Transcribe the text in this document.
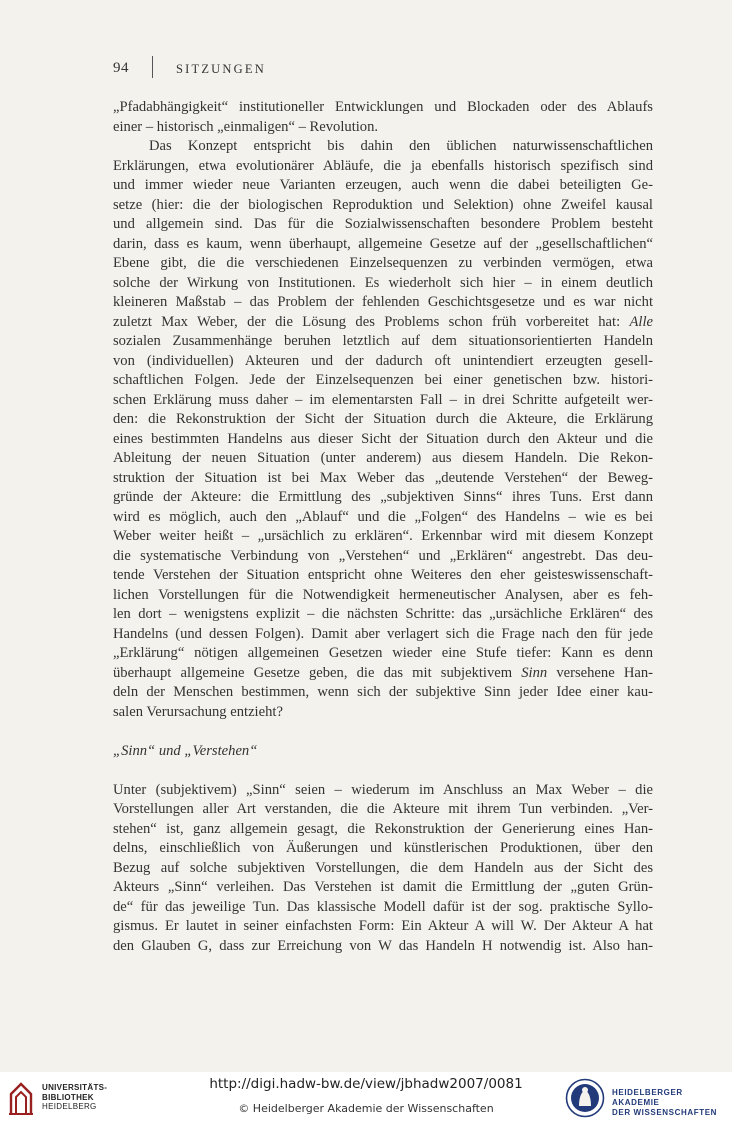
94	SITZUNGEN
„Pfadabhängigkeit“ institutioneller Entwicklungen und Blockaden oder des Ablaufs
einer – historisch „einmaligen“ – Revolution.
Das Konzept entspricht bis dahin den üblichen naturwissenschaftlichen
Erklärungen, etwa evolutionärer Abläufe, die ja ebenfalls historisch spezifisch sind
und immer wieder neue Varianten erzeugen, auch wenn die dabei beteiligten Ge-
setze (hier: die der biologischen Reproduktion und Selektion) ohne Zweifel kausal
und allgemein sind. Das für die Sozialwissenschaften besondere Problem besteht
darin, dass es kaum, wenn überhaupt, allgemeine Gesetze auf der „gesellschaftlichen“
Ebene gibt, die die verschiedenen Einzelsequenzen zu verbinden vermögen, etwa
solche der Wirkung von Institutionen. Es wiederholt sich hier – in einem deutlich
kleineren Maßstab – das Problem der fehlenden Geschichtsgesetze und es war nicht
zuletzt Max Weber, der die Lösung des Problems schon früh vorbereitet hat: Alle
sozialen Zusammenhänge beruhen letztlich auf dem situationsorientierten Handeln
von (individuellen) Akteuren und der dadurch oft unintendiert erzeugten gesell-
schaftlichen Folgen. Jede der Einzelsequenzen bei einer genetischen bzw. histori-
schen Erklärung muss daher – im elementarsten Fall – in drei Schritte aufgeteilt wer-
den: die Rekonstruktion der Sicht der Situation durch die Akteure, die Erklärung
eines bestimmten Handelns aus dieser Sicht der Situation durch den Akteur und die
Ableitung der neuen Situation (unter anderem) aus diesem Handeln. Die Rekon-
struktion der Situation ist bei Max Weber das „deutende Verstehen“ der Beweg-
gründe der Akteure: die Ermittlung des „subjektiven Sinns“ ihres Tuns. Erst dann
wird es möglich, auch den „Ablauf“ und die „Folgen“ des Handelns – wie es bei
Weber weiter heißt – „ursächlich zu erklären“. Erkennbar wird mit diesem Konzept
die systematische Verbindung von „Verstehen“ und „Erklären“ angestrebt. Das deu-
tende Verstehen der Situation entspricht ohne Weiteres den eher geisteswissenschaft-
lichen Vorstellungen für die Notwendigkeit hermeneutischer Analysen, aber es feh-
len dort – wenigstens explizit – die nächsten Schritte: das „ursächliche Erklären“ des
Handelns (und dessen Folgen). Damit aber verlagert sich die Frage nach den für jede
„Erklärung“ nötigen allgemeinen Gesetzen wieder eine Stufe tiefer: Kann es denn
überhaupt allgemeine Gesetze geben, die das mit subjektivem Sinn versehene Han-
deln der Menschen bestimmen, wenn sich der subjektive Sinn jeder Idee einer kau-
salen Verursachung entzieht?
„Sinn“ und „Verstehen“
Unter (subjektivem) „Sinn“ seien – wiederum im Anschluss an Max Weber – die
Vorstellungen aller Art verstanden, die die Akteure mit ihrem Tun verbinden. „Ver-
stehen“ ist, ganz allgemein gesagt, die Rekonstruktion der Generierung eines Han-
delns, einschließlich von Äußerungen und künstlerischen Produktionen, über den
Bezug auf solche subjektiven Vorstellungen, die dem Handeln aus der Sicht des
Akteurs „Sinn“ verleihen. Das Verstehen ist damit die Ermittlung der „guten Grün-
de“ für das jeweilige Tun. Das klassische Modell dafür ist der sog. praktische Syllo-
gismus. Er lautet in seiner einfachsten Form: Ein Akteur A will W. Der Akteur A hat
den Glauben G, dass zur Erreichung von W das Handeln H notwendig ist. Also han-
UNIVERSITÄTS-
BIBLIOTHEK
HEIDELBERG
http://digi.hadw-bw.de/view/jbhadw2007/0081
© Heidelberger Akademie der Wissenschaften
HEIDELBERGER AKADEMIE
DER WISSENSCHAFTEN
